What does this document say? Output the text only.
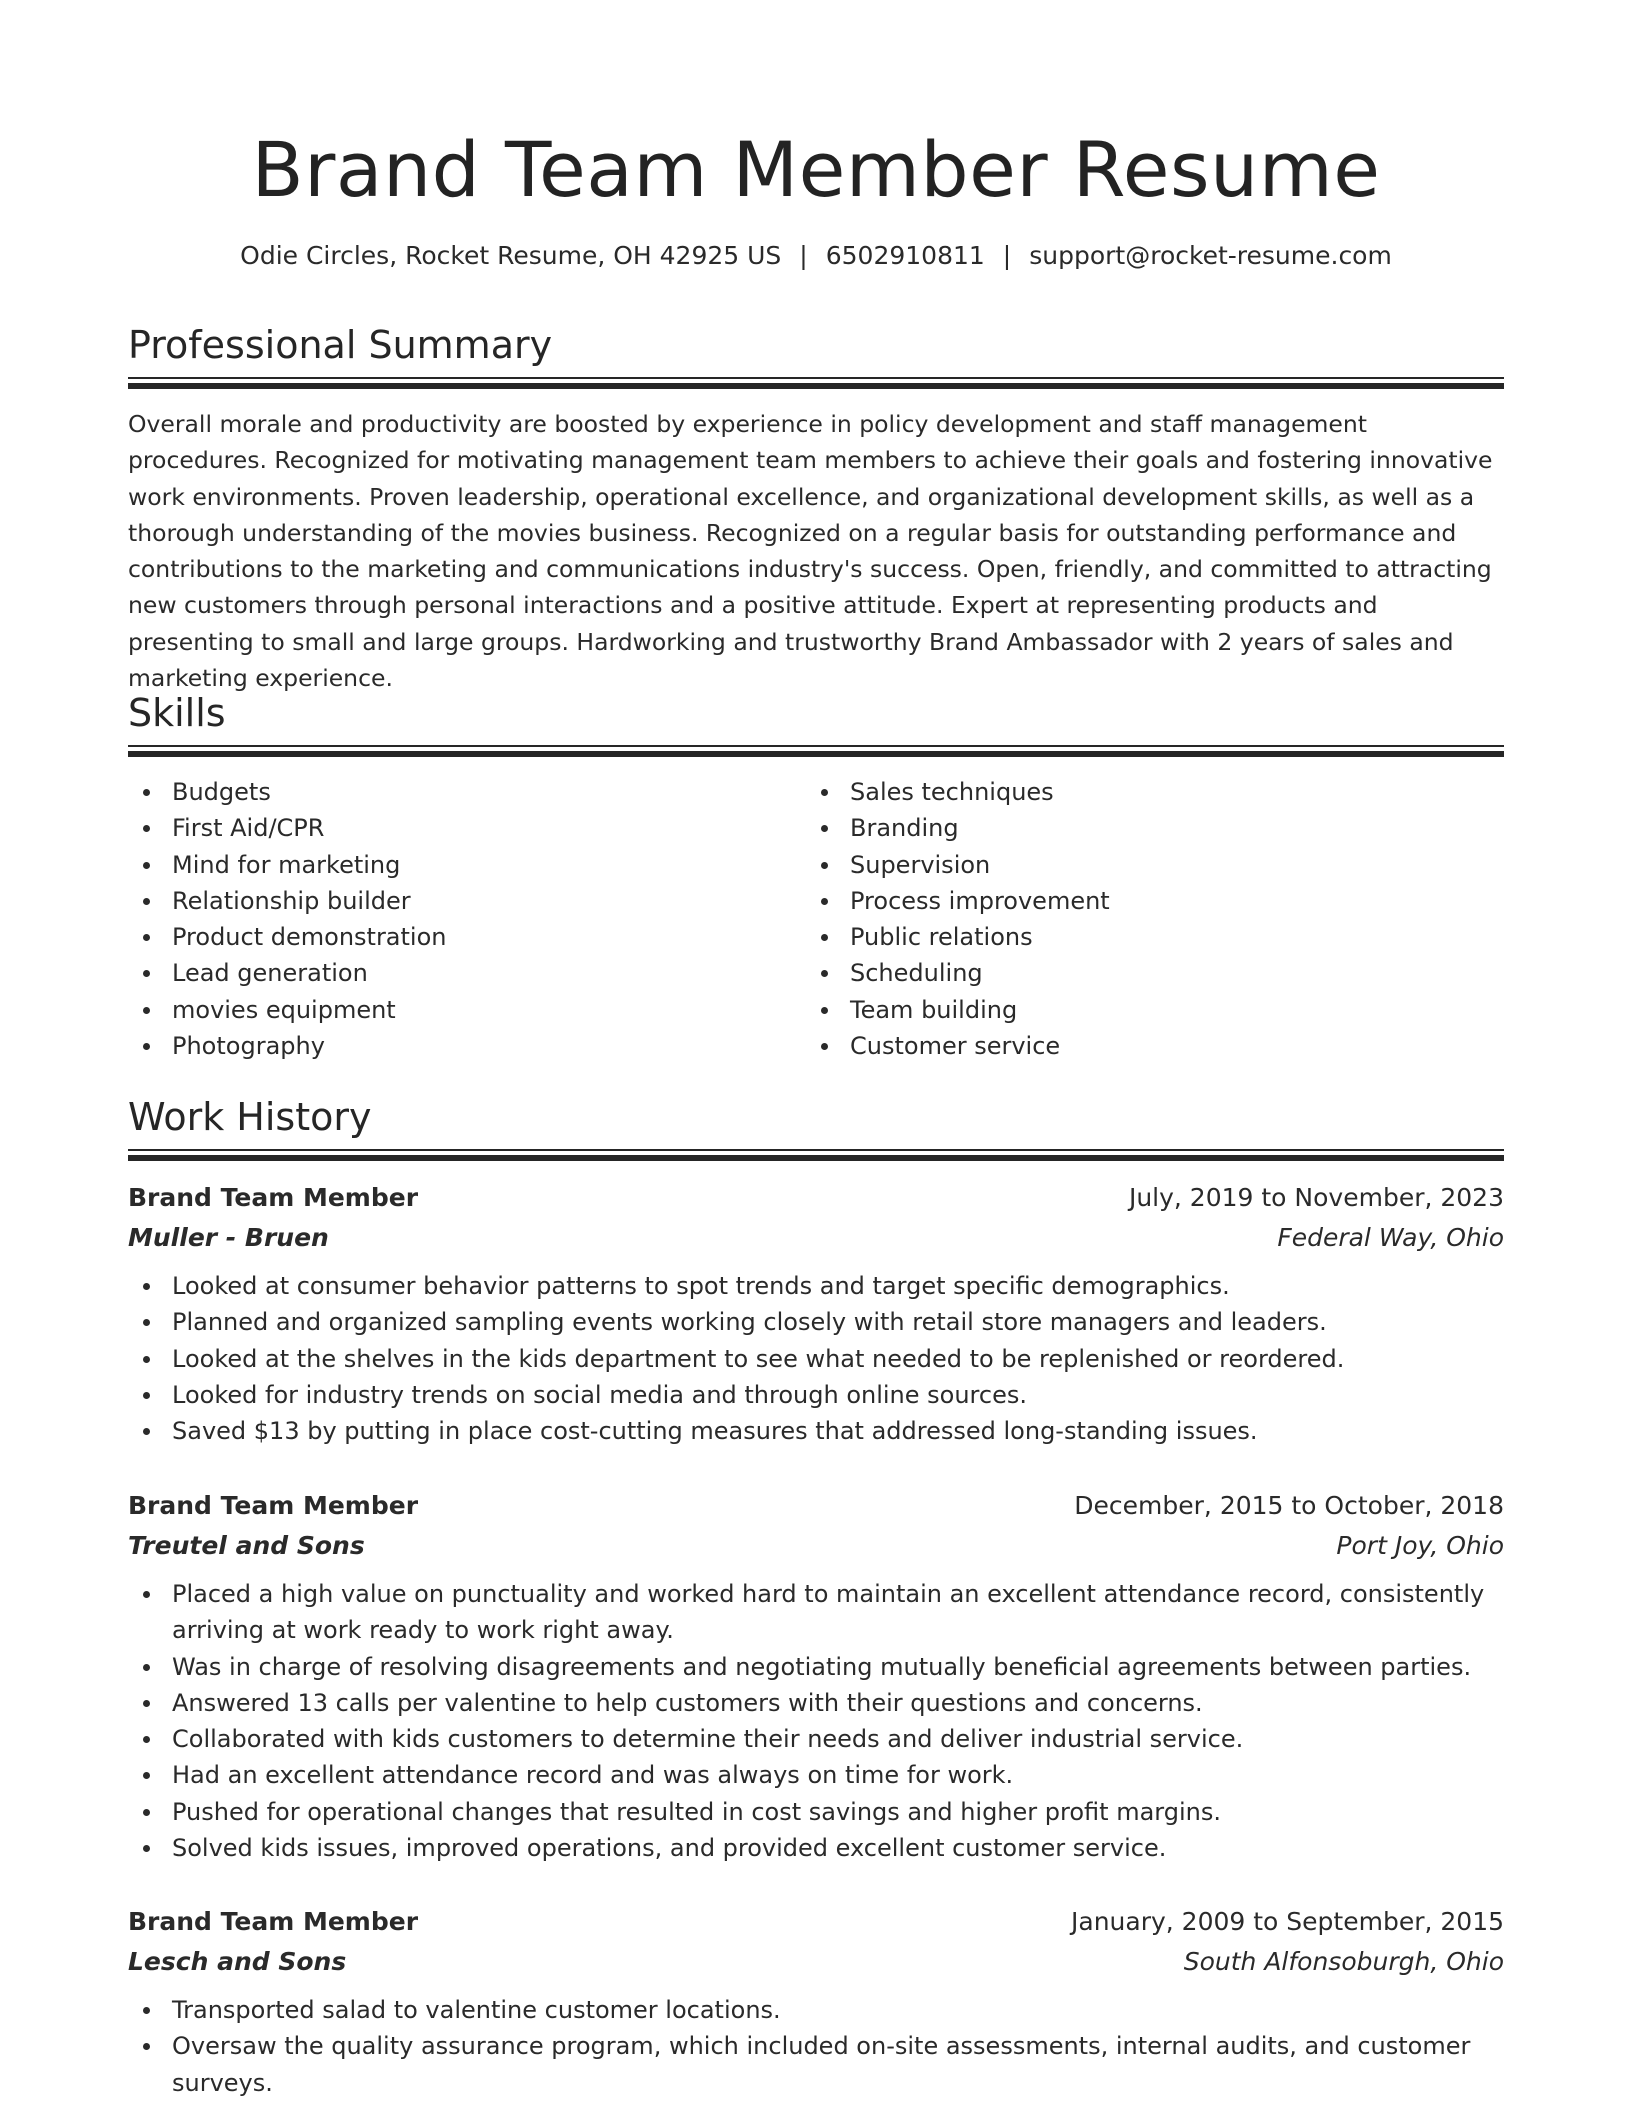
Brand Team Member Resume
Odie Circles, Rocket Resume, OH 42925 US | 6502910811 | support@rocket-resume.com
Professional Summary

Overall morale and productivity are boosted by experience in policy development and staff management procedures. Recognized for motivating management team members to achieve their goals and fostering innovative work environments. Proven leadership, operational excellence, and organizational development skills, as well as a thorough understanding of the movies business. Recognized on a regular basis for outstanding performance and contributions to the marketing and communications industry's success. Open, friendly, and committed to attracting new customers through personal interactions and a positive attitude. Expert at representing products and presenting to small and large groups. Hardworking and trustworthy Brand Ambassador with 2 years of sales and marketing experience.

Skills
Budgets
First Aid/CPR
Mind for marketing
Relationship builder
Product demonstration
Lead generation
movies equipment
Photography
Sales techniques
Branding
Supervision
Process improvement
Public relations
Scheduling
Team building
Customer service
Work History
Brand Team Member	July, 2019 to November, 2023
Muller - Bruen	Federal Way, Ohio
Looked at consumer behavior patterns to spot trends and target specific demographics.
Planned and organized sampling events working closely with retail store managers and leaders.
Looked at the shelves in the kids department to see what needed to be replenished or reordered.
Looked for industry trends on social media and through online sources.
Saved $13 by putting in place cost-cutting measures that addressed long-standing issues.
Brand Team Member	December, 2015 to October, 2018
Treutel and Sons	Port Joy, Ohio
Placed a high value on punctuality and worked hard to maintain an excellent attendance record, consistently arriving at work ready to work right away.
Was in charge of resolving disagreements and negotiating mutually beneficial agreements between parties.
Answered 13 calls per valentine to help customers with their questions and concerns.
Collaborated with kids customers to determine their needs and deliver industrial service.
Had an excellent attendance record and was always on time for work.
Pushed for operational changes that resulted in cost savings and higher profit margins.
Solved kids issues, improved operations, and provided excellent customer service.
Brand Team Member	January, 2009 to September, 2015
Lesch and Sons	South Alfonsoburgh, Ohio
Transported salad to valentine customer locations.
Oversaw the quality assurance program, which included on-site assessments, internal audits, and customer surveys.
